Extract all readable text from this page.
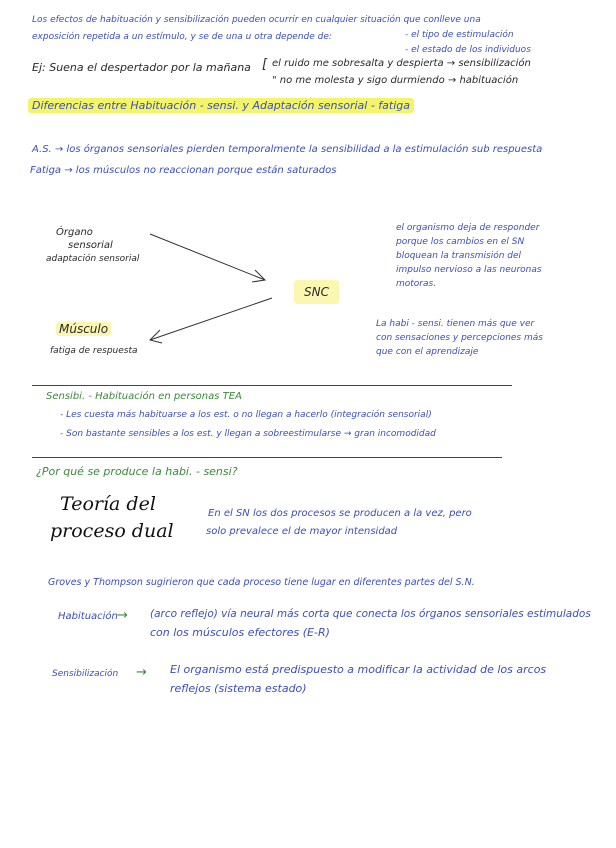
Los efectos de habituación y sensibilización pueden ocurrir en cualquier situación que conlleve una
exposición repetida a un estímulo, y se de una u otra depende de:	- el tipo de estimulación
- el estado de los individuos
Ej: Suena el despertador por la mañana [ el ruido me sobresalta y despierta → sensibilización
" no me molesta y sigo durmiendo → habituación
Diferencias entre Habituación - sensi. y Adaptación sensorial - fatiga
A.S. → los órganos sensoriales pierden temporalmente la sensibilidad a la estimulación sub respuesta
Fatiga → los músculos no reaccionan porque están saturados
Órgano
sensorial
adaptación sensorial
SNC
Músculo
fatiga de respuesta
el organismo deja de responder
porque los cambios en el SN
bloquean la transmisión del
impulso nervioso a las neuronas
motoras.
La habi - sensi. tienen más que ver
con sensaciones y percepciones más
que con el aprendizaje
Sensibi. - Habituación en personas TEA
- Les cuesta más habituarse a los est. o no llegan a hacerlo (integración sensorial)
- Son bastante sensibles a los est. y llegan a sobreestimularse → gran incomodidad
¿Por qué se produce la habi. - sensi?
Teoría del
proceso dual
En el SN los dos procesos se producen a la vez, pero
solo prevalece el de mayor intensidad
Groves y Thompson sugirieron que cada proceso tiene lugar en diferentes partes del S.N.
Habituación → (arco reflejo) vía neural más corta que conecta los órganos sensoriales estimulados
con los músculos efectores (E-R)
Sensibilización → El organismo está predispuesto a modificar la actividad de los arcos
reflejos (sistema estado)
